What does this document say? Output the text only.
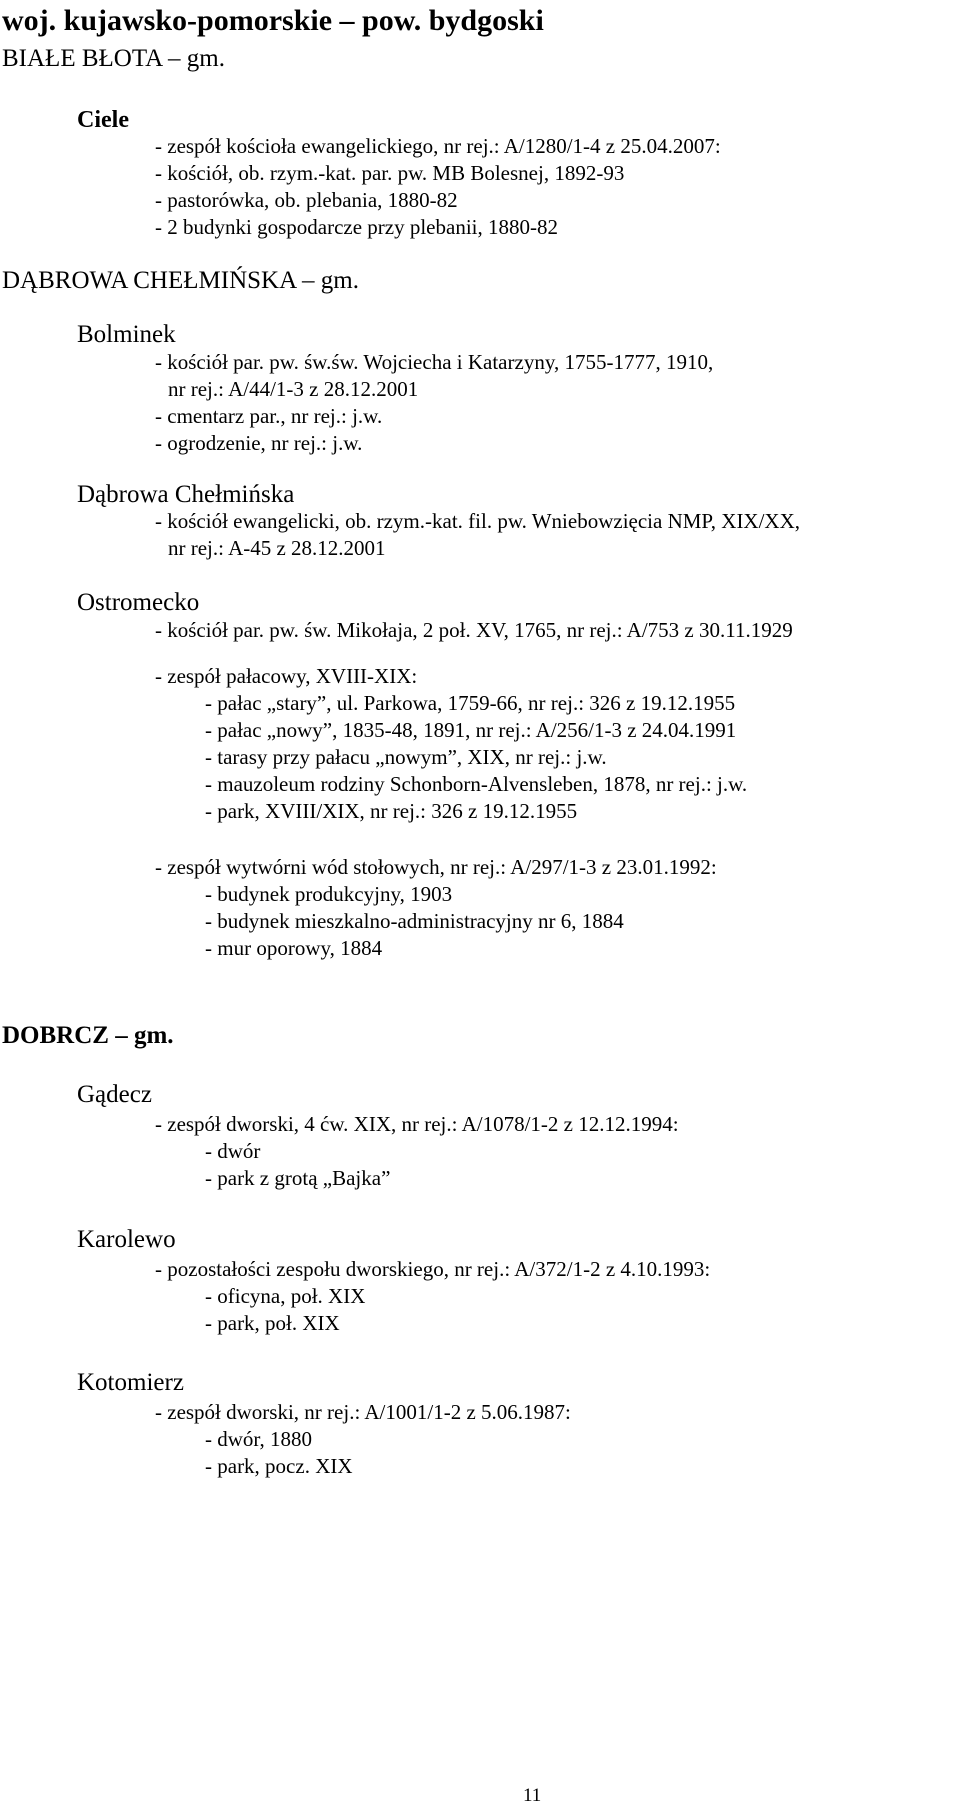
woj. kujawsko-pomorskie – pow. bydgoski
BIAŁE BŁOTA – gm.
Ciele
- zespół kościoła ewangelickiego, nr rej.: A/1280/1-4 z 25.04.2007:
- kościół, ob. rzym.-kat. par. pw. MB Bolesnej, 1892-93
- pastorówka, ob. plebania, 1880-82
- 2 budynki gospodarcze przy plebanii, 1880-82
DĄBROWA CHEŁMIŃSKA – gm.
Bolminek
- kościół par. pw. św.św. Wojciecha i Katarzyny, 1755-1777, 1910,
nr rej.: A/44/1-3 z 28.12.2001
- cmentarz par., nr rej.: j.w.
- ogrodzenie, nr rej.: j.w.
Dąbrowa Chełmińska
- kościół ewangelicki, ob. rzym.-kat. fil. pw. Wniebowzięcia NMP, XIX/XX,
nr rej.: A-45 z 28.12.2001
Ostromecko
- kościół par. pw. św. Mikołaja, 2 poł. XV, 1765, nr rej.: A/753 z 30.11.1929
- zespół pałacowy, XVIII-XIX:
- pałac „stary”, ul. Parkowa, 1759-66, nr rej.: 326 z 19.12.1955
- pałac „nowy”, 1835-48, 1891, nr rej.: A/256/1-3 z 24.04.1991
- tarasy przy pałacu „nowym”, XIX, nr rej.: j.w.
- mauzoleum rodziny Schonborn-Alvensleben, 1878, nr rej.: j.w.
- park, XVIII/XIX, nr rej.: 326 z 19.12.1955
- zespół wytwórni wód stołowych, nr rej.: A/297/1-3 z 23.01.1992:
- budynek produkcyjny, 1903
- budynek mieszkalno-administracyjny nr 6, 1884
- mur oporowy, 1884
DOBRCZ – gm.
Gądecz
- zespół dworski, 4 ćw. XIX, nr rej.: A/1078/1-2 z 12.12.1994:
- dwór
- park z grotą „Bajka”
Karolewo
- pozostałości zespołu dworskiego, nr rej.: A/372/1-2 z 4.10.1993:
- oficyna, poł. XIX
- park, poł. XIX
Kotomierz
- zespół dworski, nr rej.: A/1001/1-2 z 5.06.1987:
- dwór, 1880
- park, pocz. XIX
11
